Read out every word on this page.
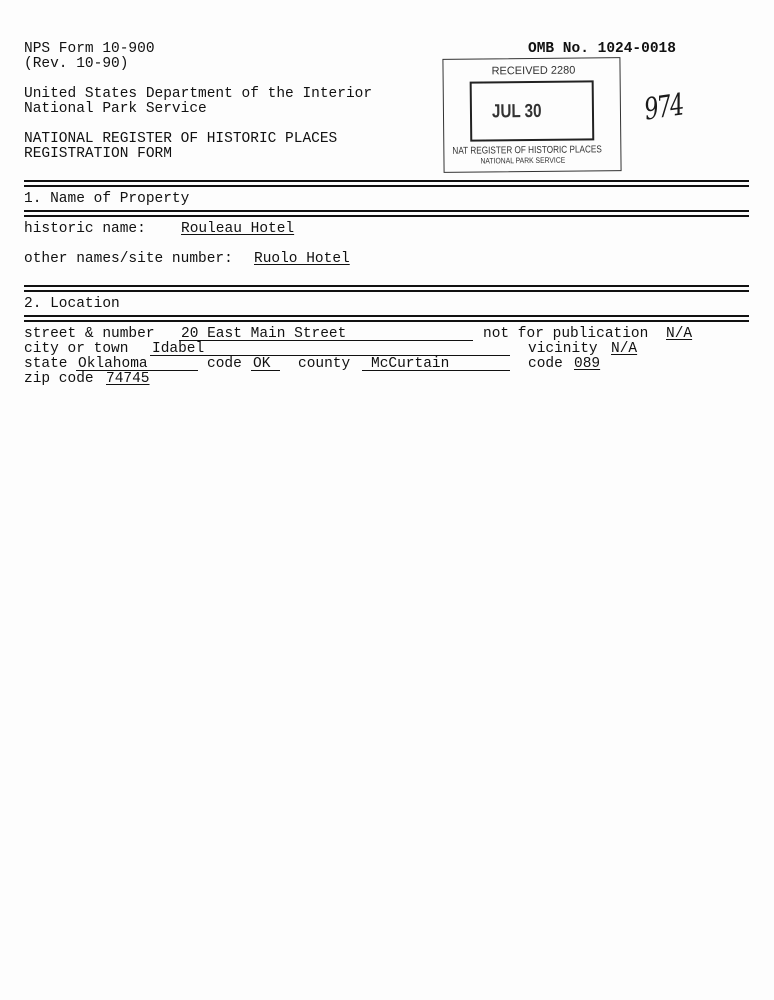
NPS Form 10-900
(Rev. 10-90)
OMB No. 1024-0018
United States Department of the Interior
National Park Service
NATIONAL REGISTER OF HISTORIC PLACES
REGISTRATION FORM
RECEIVED 2280
JUL 30
NAT REGISTER OF HISTORIC PLACES
NATIONAL PARK SERVICE
974
1. Name of Property
historic name: Rouleau Hotel
other names/site number: Ruolo Hotel
2. Location
street & number 20 East Main Street	not for publication N/A
city or town Idabel	vicinity N/A
state Oklahoma	code OK county McCurtain	code 089
zip code 74745
